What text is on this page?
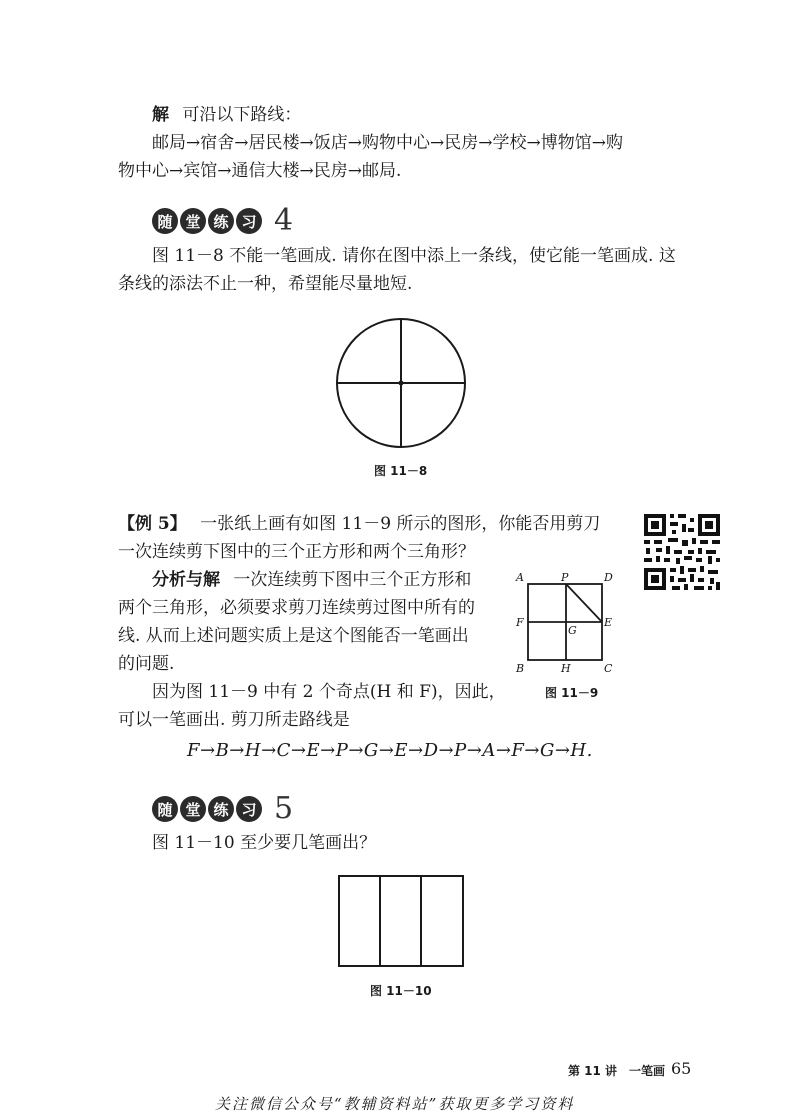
解 可沿以下路线：
邮局→宿舍→居民楼→饭店→购物中心→民房→学校→博物馆→购
物中心→宾馆→通信大楼→民房→邮局.
随 堂 练 习 4
图 11－8 不能一笔画成. 请你在图中添上一条线，使它能一笔画成. 这
条线的添法不止一种，希望能尽量地短.
图 11－8
【例 5】 一张纸上画有如图 11－9 所示的图形，你能否用剪刀
一次连续剪下图中的三个正方形和两个三角形？
分析与解 一次连续剪下图中三个正方形和
两个三角形，必须要求剪刀连续剪过图中所有的
线. 从而上述问题实质上是这个图能否一笔画出
的问题.
因为图 11－9 中有 2 个奇点(H 和 F)，因此，
可以一笔画出. 剪刀所走路线是
A	P	D
F
G
E
B	H	C
图 11－9
F→B→H→C→E→P→G→E→D→P→A→F→G→H.
随 堂 练 习 5
图 11－10 至少要几笔画出？
图 11－10
第 11 讲　一笔画 65
关注微信公众号“教辅资料站”获取更多学习资料
